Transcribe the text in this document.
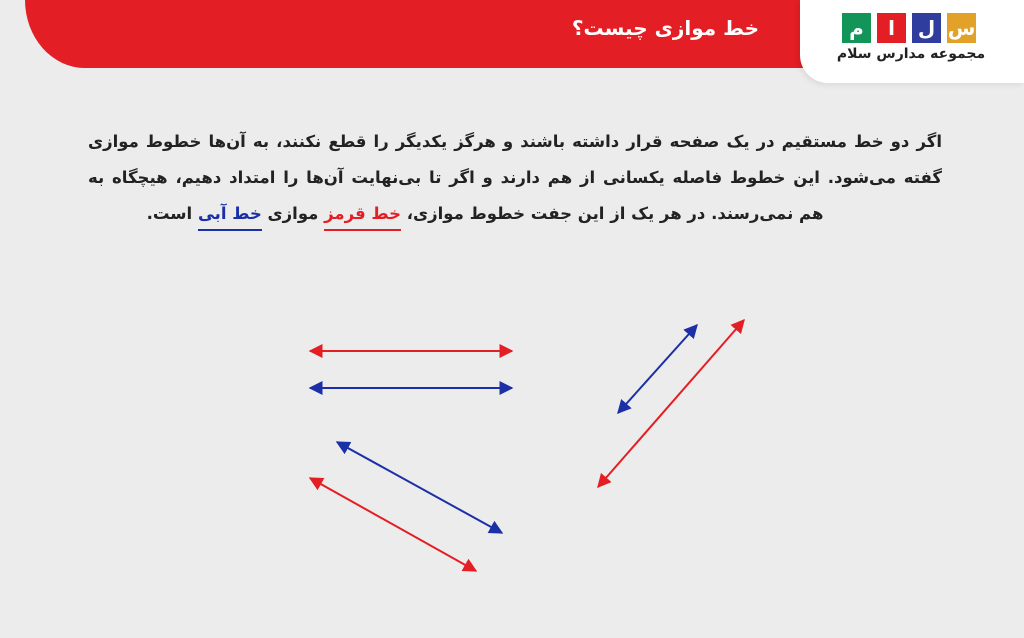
خط موازی چیست؟	م	ا	ل س
مجموعه مدارس سلام
اگر دو خط مستقیم در یک صفحه قرار داشته باشند و هرگز یکدیگر را قطع نکنند، به آن‌ها خطوط موازی
گفته می‌شود. این خطوط فاصله یکسانی از هم دارند و اگر تا بی‌نهایت آن‌ها را امتداد دهیم، هیچگاه به
هم نمی‌رسند. در هر یک از این جفت خطوط موازی، خط قرمز موازی خط آبی است.
